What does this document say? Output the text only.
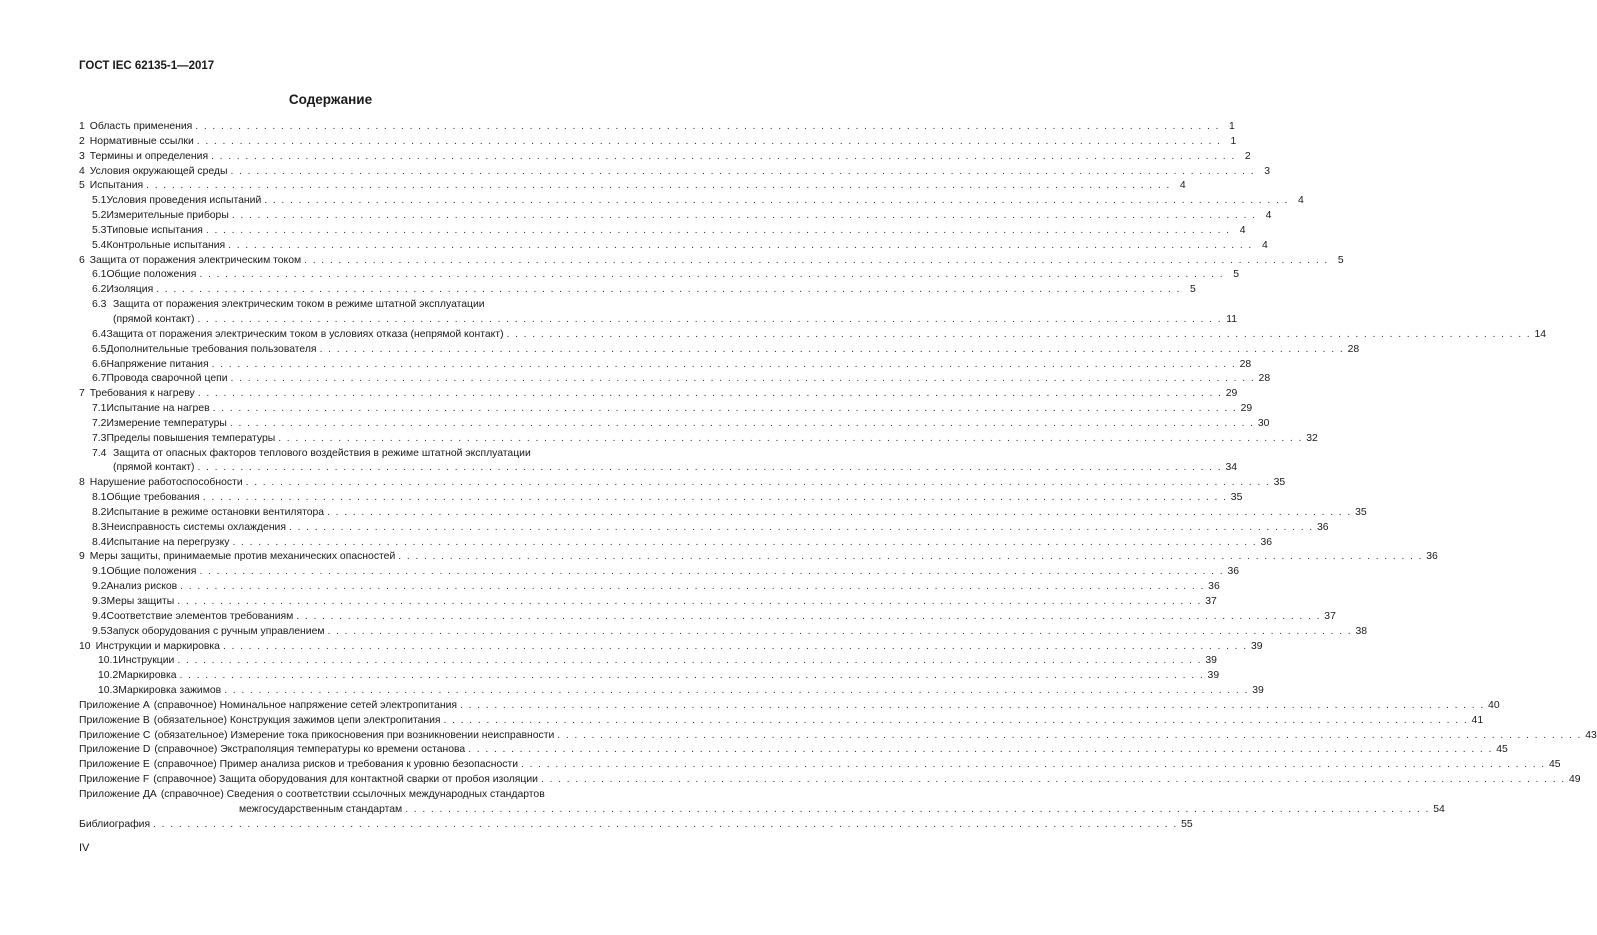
ГОСТ IEC 62135-1—2017
Содержание
1 Область применения . . .	1
2 Нормативные ссылки . . .	1
3 Термины и определения . . .	2
4 Условия окружающей среды . . .	3
5 Испытания . . .	4
5.1 Условия проведения испытаний . . .	4
5.2 Измерительные приборы . . .	4
5.3 Типовые испытания . . .	4
5.4 Контрольные испытания . . .	4
6 Защита от поражения электрическим током . . .	5
6.1 Общие положения . . .	5
6.2 Изоляция . . .	5
6.3 Защита от поражения электрическим током в режиме штатной эксплуатации
(прямой контакт) . . .	11
6.4 Защита от поражения электрическим током в условиях отказа (непрямой контакт) . . .	14
6.5 Дополнительные требования пользователя . . .	28
6.6 Напряжение питания . . .	28
6.7 Провода сварочной цепи . . .	28
7 Требования к нагреву . . .	29
7.1 Испытание на нагрев . . .	29
7.2 Измерение температуры . . .	30
7.3 Пределы повышения температуры . . .	32
7.4 Защита от опасных факторов теплового воздействия в режиме штатной эксплуатации
(прямой контакт) . . .	34
8 Нарушение работоспособности . . .	35
8.1 Общие требования . . .	35
8.2 Испытание в режиме остановки вентилятора . . .	35
8.3 Неисправность системы охлаждения . . .	36
8.4 Испытание на перегрузку . . .	36
9 Меры защиты, принимаемые против механических опасностей . . .	36
9.1 Общие положения . . .	36
9.2 Анализ рисков . . .	36
9.3 Меры защиты . . .	37
9.4 Соответствие элементов требованиям . . .	37
9.5 Запуск оборудования с ручным управлением . . .	38
10 Инструкции и маркировка . . .	39
10.1 Инструкции . . .	39
10.2 Маркировка . . .	39
10.3 Маркировка зажимов . . .	39
Приложение А (справочное) Номинальное напряжение сетей электропитания . . .	40
Приложение В (обязательное) Конструкция зажимов цепи электропитания . . .	41
Приложение С (обязательное) Измерение тока прикосновения при возникновении неисправности . . .	43
Приложение D (справочное) Экстраполяция температуры ко времени останова . . .	45
Приложение Е (справочное) Пример анализа рисков и требования к уровню безопасности . . .	45
Приложение F (справочное) Защита оборудования для контактной сварки от пробоя изоляции . . .	49
Приложение ДА (справочное) Сведения о соответствии ссылочных международных стандартов
межгосударственным стандартам . . .	54
Библиография . . .	55
IV
